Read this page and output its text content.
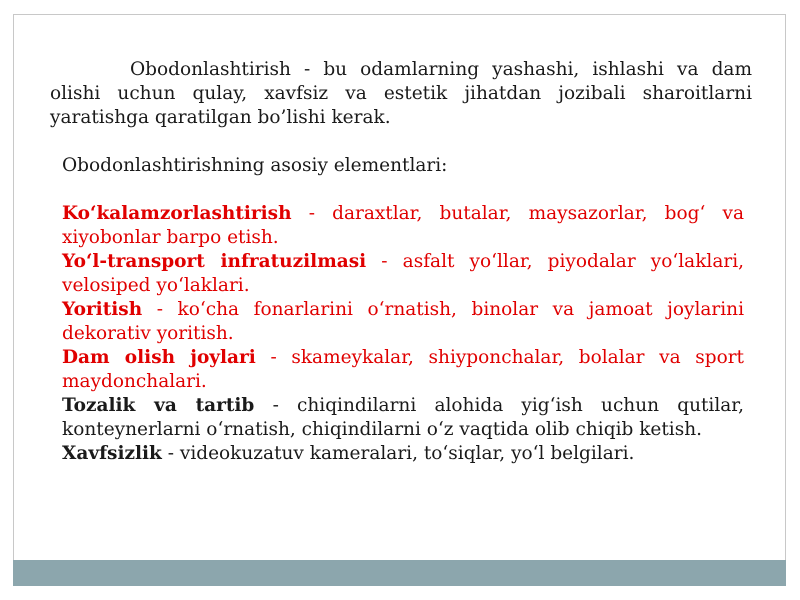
Obodonlashtirish - bu odamlarning yashashi, ishlashi va dam olishi uchun qulay, xavfsiz va estetik jihatdan jozibali sharoitlarni yaratishga qaratilgan bo’lishi kerak.

Obodonlashtirishning asosiy elementlari:

Ko‘kalamzorlashtirish - daraxtlar, butalar, maysazorlar, bog‘ va xiyobonlar barpo etish.

Yo‘l-transport infratuzilmasi - asfalt yo‘llar, piyodalar yo‘laklari, velosiped yo‘laklari.

Yoritish - ko‘cha fonarlarini o‘rnatish, binolar va jamoat joylarini dekorativ yoritish.

Dam olish joylari - skameykalar, shiyponchalar, bolalar va sport maydonchalari.

Tozalik va tartib - chiqindilarni alohida yig‘ish uchun qutilar, konteynerlarni o‘rnatish, chiqindilarni o‘z vaqtida olib chiqib ketish.

Xavfsizlik - videokuzatuv kameralari, to‘siqlar, yo‘l belgilari.
